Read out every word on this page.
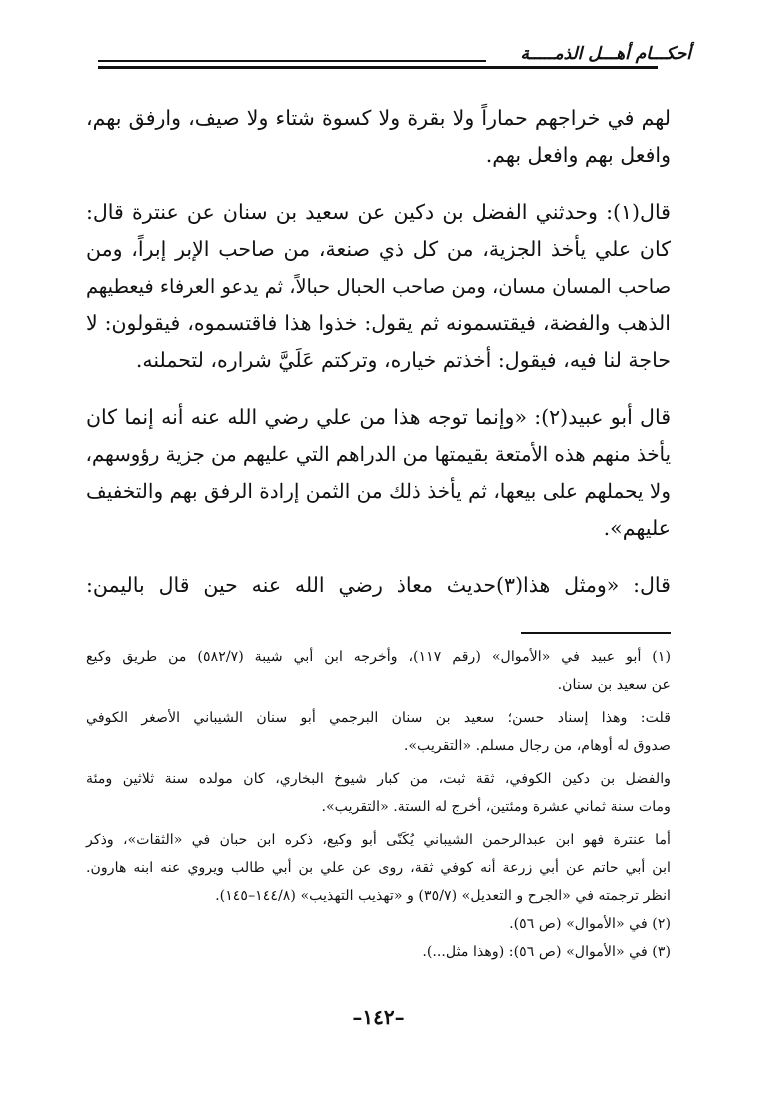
أحكـــام أهـــل الذمـــــة
لهم في خراجهم حماراً ولا بقرة ولا كسوة شتاء ولا صيف، وارفق بهم،
وافعل بهم وافعل بهم.
قال(١): وحدثني الفضل بن دكين عن سعيد بن سنان عن عنترة قال:
كان علي يأخذ الجزية، من كل ذي صنعة، من صاحب الإبر إبراً، ومن
صاحب المسان مسان، ومن صاحب الحبال حبالاً، ثم يدعو العرفاء فيعطيهم
الذهب والفضة، فيقتسمونه ثم يقول: خذوا هذا فاقتسموه، فيقولون: لا
حاجة لنا فيه، فيقول: أخذتم خياره، وتركتم عَلَيَّ شراره، لتحملنه.
قال أبو عبيد(٢): «وإنما توجه هذا من علي رضي الله عنه أنه إنما كان
يأخذ منهم هذه الأمتعة بقيمتها من الدراهم التي عليهم من جزية رؤوسهم،
ولا يحملهم على بيعها، ثم يأخذ ذلك من الثمن إرادة الرفق بهم والتخفيف
عليهم».
قال: «ومثل هذا(٣)حديث معاذ رضي الله عنه حين قال باليمن:
(١) أبو عبيد في «الأموال» (رقم ١١٧)، وأخرجه ابن أبي شيبة (٥٨٢/٧) من طريق وكيع
عن سعيد بن سنان.
قلت: وهذا إسناد حسن؛ سعيد بن سنان البرجمي أبو سنان الشيباني الأصغر الكوفي
صدوق له أوهام، من رجال مسلم. «التقريب».
والفضل بن دكين الكوفي، ثقة ثبت، من كبار شيوخ البخاري، كان مولده سنة ثلاثين ومئة
ومات سنة ثماني عشرة ومئتين، أخرج له الستة. «التقريب».
أما عنترة فهو ابن عبدالرحمن الشيباني يُكَنّى أبو وكيع، ذكره ابن حبان في «الثقات»، وذكر
ابن أبي حاتم عن أبي زرعة أنه كوفي ثقة، روى عن علي بن أبي طالب ويروي عنه ابنه هارون.
انظر ترجمته في «الجرح و التعديل» (٣٥/٧) و «تهذيب التهذيب» (١٤٤/٨–١٤٥).
(٢) في «الأموال» (ص ٥٦).
(٣) في «الأموال» (ص ٥٦): (وهذا مثل...).
–١٤٢–
